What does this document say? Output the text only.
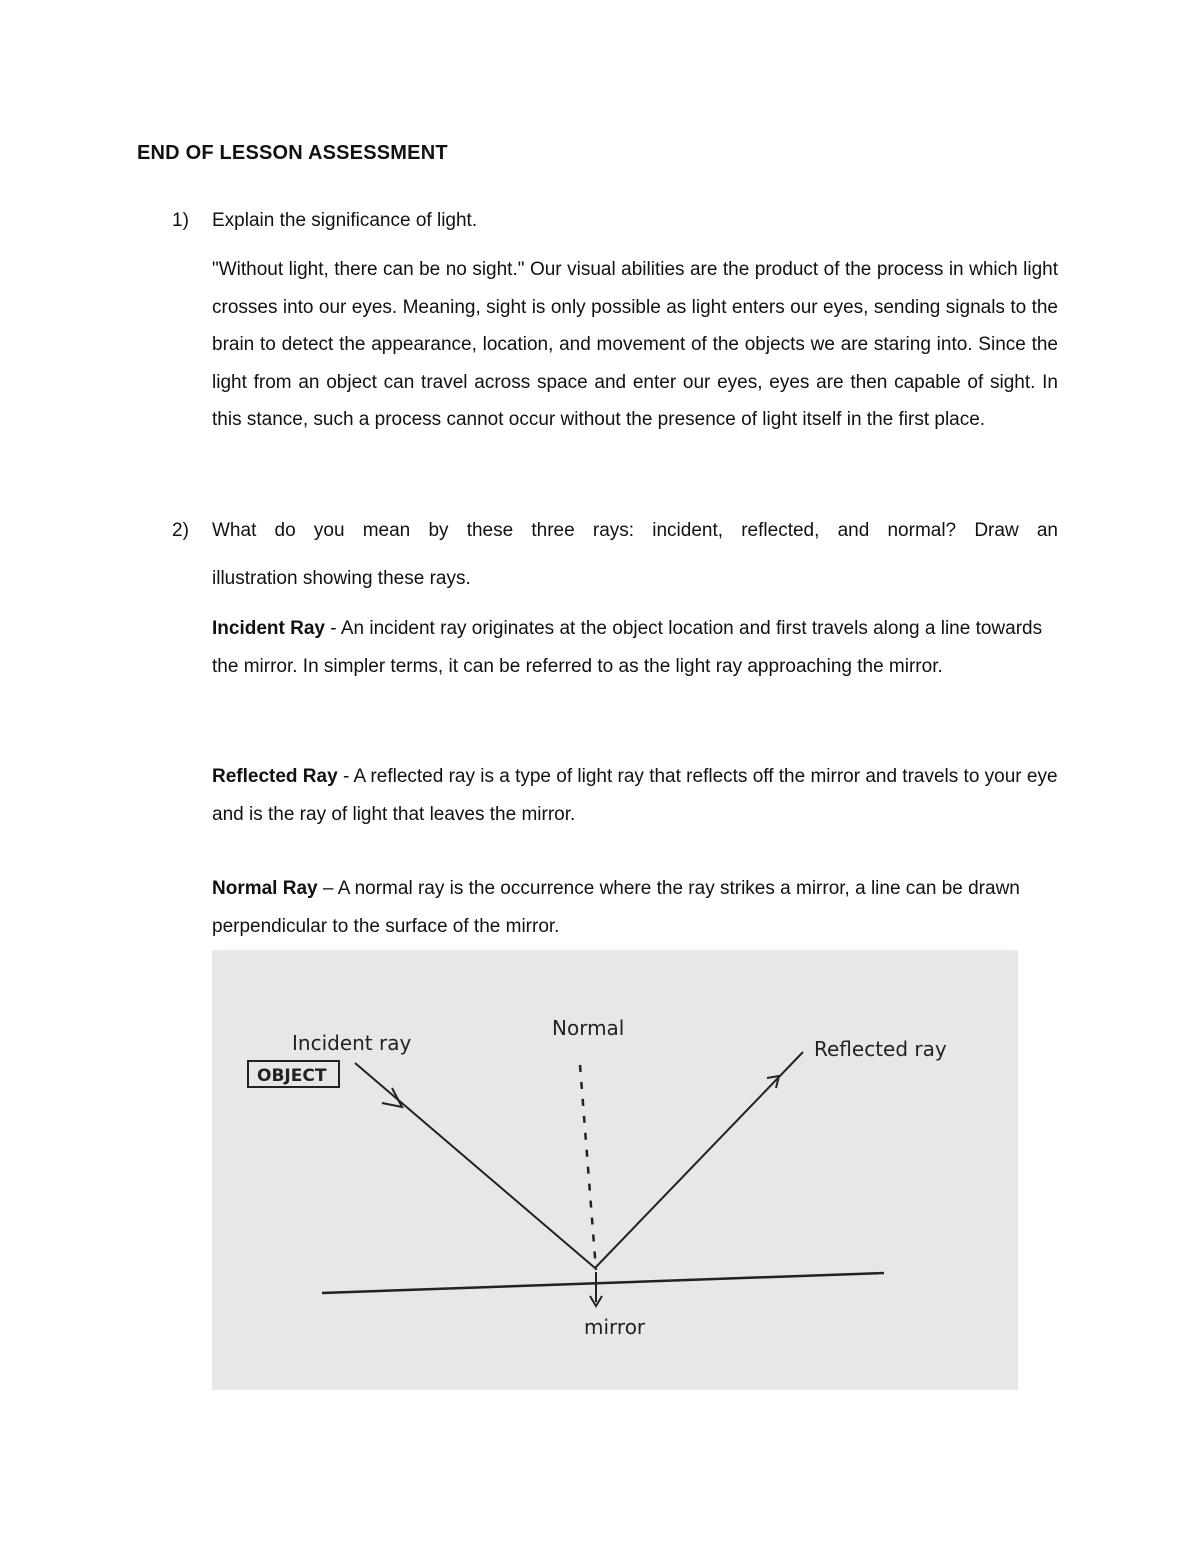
END OF LESSON ASSESSMENT
1) Explain the significance of light.
"Without light, there can be no sight." Our visual abilities are the product of the process in which light crosses into our eyes. Meaning, sight is only possible as light enters our eyes, sending signals to the brain to detect the appearance, location, and movement of the objects we are staring into. Since the light from an object can travel across space and enter our eyes, eyes are then capable of sight. In this stance, such a process cannot occur without the presence of light itself in the first place.
2) What do you mean by these three rays: incident, reflected, and normal? Draw an
illustration showing these rays.
Incident Ray - An incident ray originates at the object location and first travels along a line towards the mirror. In simpler terms, it can be referred to as the light ray approaching the mirror.
Reflected Ray - A reflected ray is a type of light ray that reflects off the mirror and travels to your eye and is the ray of light that leaves the mirror.
Normal Ray – A normal ray is the occurrence where the ray strikes a mirror, a line can be drawn perpendicular to the surface of the mirror.
OBJECT
Incident ray
Normal
Reflected ray
mirror
